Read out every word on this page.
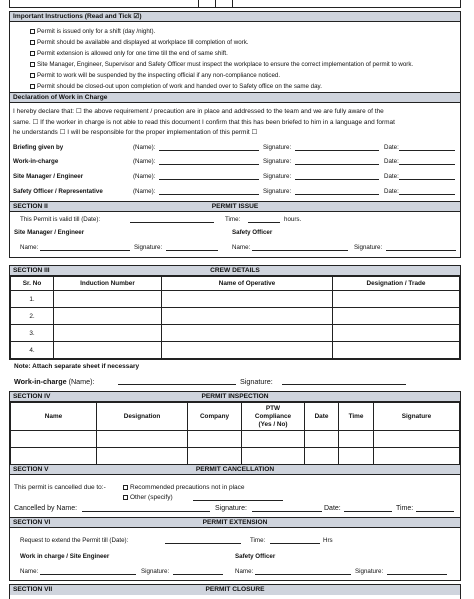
Important Instructions (Read and Tick ☑)
Permit is issued only for a shift (day /night).
Permit should be available and displayed at workplace till completion of work.
Permit extension is allowed only for one time till the end of same shift.
Site Manager, Engineer, Supervisor and Safety Officer must inspect the workplace to ensure the correct implementation of permit to work.
Permit to work will be suspended by the inspecting official if any non-compliance noticed.
Permit should be closed-out upon completion of work and handed over to Safety office on the same day.
Declaration of Work in Charge
I hereby declare that: ☐ the above requirement / precaution are in place and addressed to the team and we are fully aware of the
same. ☐ If the worker in charge is not able to read this document I confirm that this has been briefed to him in a language and format
he understands ☐ I will be responsible for the proper implementation of this permit ☐
Briefing given by	(Name):	Signature:	Date:
Work-in-charge	(Name):	Signature:	Date:
Site Manager / Engineer	(Name):	Signature:	Date:
Safety Officer / Representative	(Name):	Signature:	Date:
SECTION II	PERMIT ISSUE
This Permit is valid till (Date):	Time:	hours.
Site Manager / Engineer	Safety Officer
Name:	Signature:	Name:	Signature:
SECTION III	CREW DETAILS
Sr. No	Induction Number	Name of Operative	Designation / Trade
1.			
2.			
3.			
4.			
Note: Attach separate sheet if necessary
Work-in-charge (Name):	Signature:
SECTION IV	PERMIT INSPECTION
Name	Designation	Company	PTW
Compliance
(Yes / No)	Date	Time	Signature

SECTION V	PERMIT CANCELLATION
This permit is cancelled due to:-	Recommended precautions not in place
Other (specify)
Cancelled by Name:	Signature:	Date:	Time:
SECTION VI	PERMIT EXTENSION
Request to extend the Permit till (Date):	Time:	Hrs
Work in charge / Site Engineer	Safety Officer
Name:	Signature:	Name:	Signature:
SECTION VII	PERMIT CLOSURE
